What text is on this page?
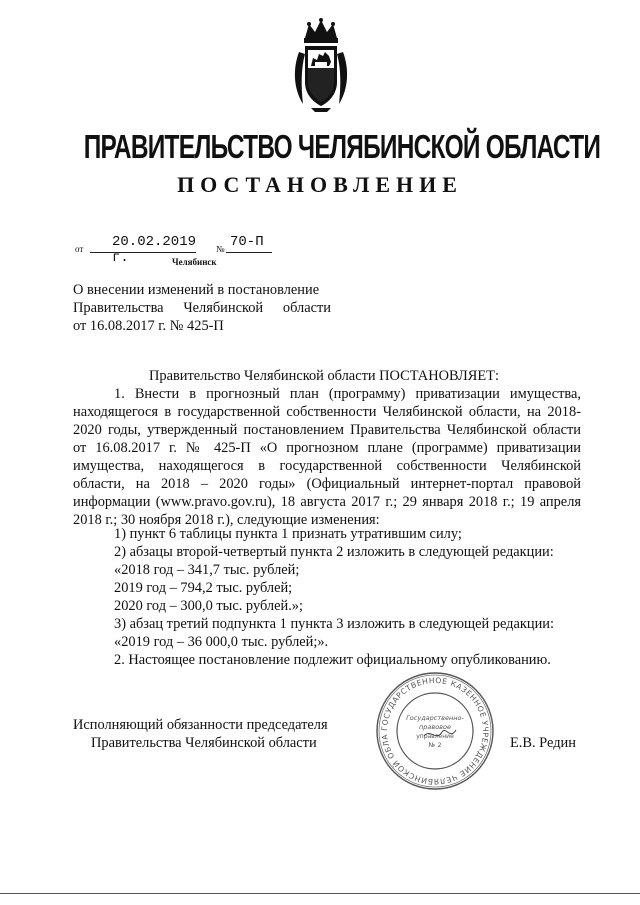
ПРАВИТЕЛЬСТВО ЧЕЛЯБИНСКОЙ ОБЛАСТИ
ПОСТАНОВЛЕНИЕ
от 20.02.2019 г.
№ 70-П
Челябинск
О внесении изменений в постановление
Правительства Челябинской области
от 16.08.2017 г. № 425-П
Правительство Челябинской области ПОСТАНОВЛЯЕТ:
1. Внести в прогнозный план (программу) приватизации имущества, находящегося в государственной собственности Челябинской области, на 2018-2020 годы, утвержденный постановлением Правительства Челябинской области от 16.08.2017 г. № 425-П «О прогнозном плане (программе) приватизации имущества, находящегося в государственной собственности Челябинской области, на 2018 – 2020 годы» (Официальный интернет-портал правовой информации (www.pravo.gov.ru), 18 августа 2017 г.; 29 января 2018 г.; 19 апреля 2018 г.; 30 ноября 2018 г.), следующие изменения:
1) пункт 6 таблицы пункта 1 признать утратившим силу;
2) абзацы второй-четвертый пункта 2 изложить в следующей редакции:
«2018 год – 341,7 тыс. рублей;
2019 год – 794,2 тыс. рублей;
2020 год – 300,0 тыс. рублей.»;
3) абзац третий подпункта 1 пункта 3 изложить в следующей редакции:
«2019 год – 36 000,0 тыс. рублей;».
2. Настоящее постановление подлежит официальному опубликованию.
Исполняющий обязанности председателя
Правительства Челябинской области	Е.В. Редин
ГОСУДАРСТВЕННОЕ КАЗЕННОЕ УЧРЕЖДЕНИЕ ЧЕЛЯБИНСКОЙ ОБЛА
Государственно-
правовое
управление
№ 2
